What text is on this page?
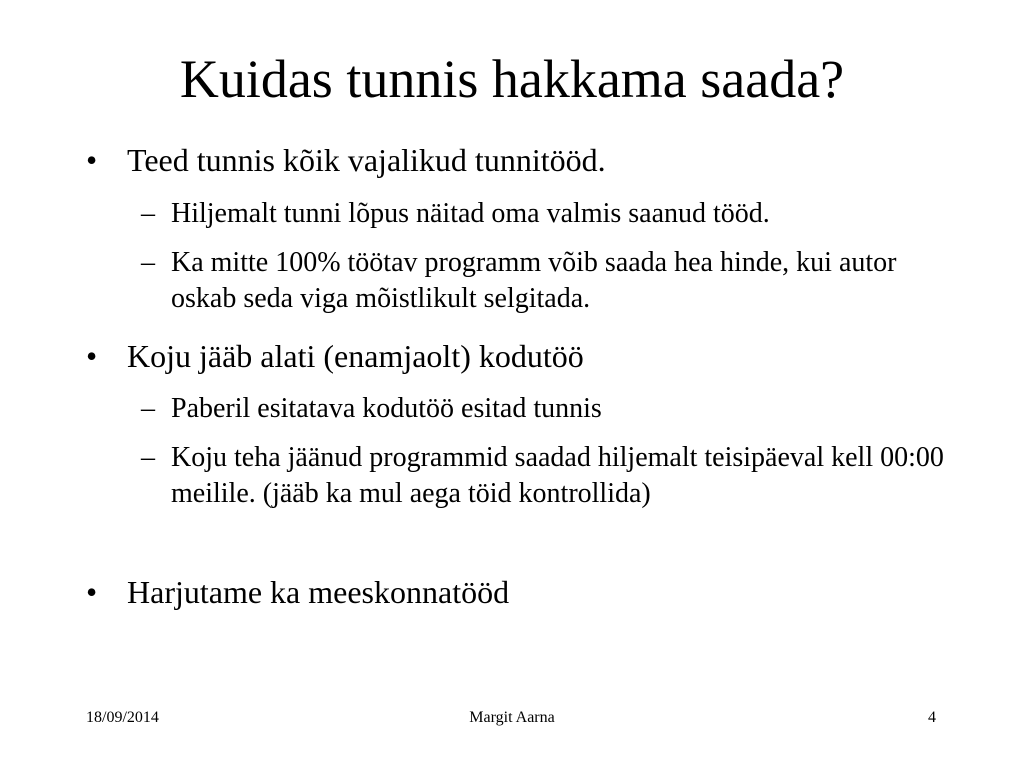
Kuidas tunnis hakkama saada?
• Teed tunnis kõik vajalikud tunnitööd.
– Hiljemalt tunni lõpus näitad oma valmis saanud tööd.
– Ka mitte 100% töötav programm võib saada hea hinde, kui autor oskab seda viga mõistlikult selgitada.
• Koju jääb alati (enamjaolt) kodutöö
– Paberil esitatava kodutöö esitad tunnis
– Koju teha jäänud programmid saadad hiljemalt teisipäeval kell 00:00 meilile. (jääb ka mul aega töid kontrollida)
• Harjutame ka meeskonnatööd
18/09/2014	Margit Aarna	4
